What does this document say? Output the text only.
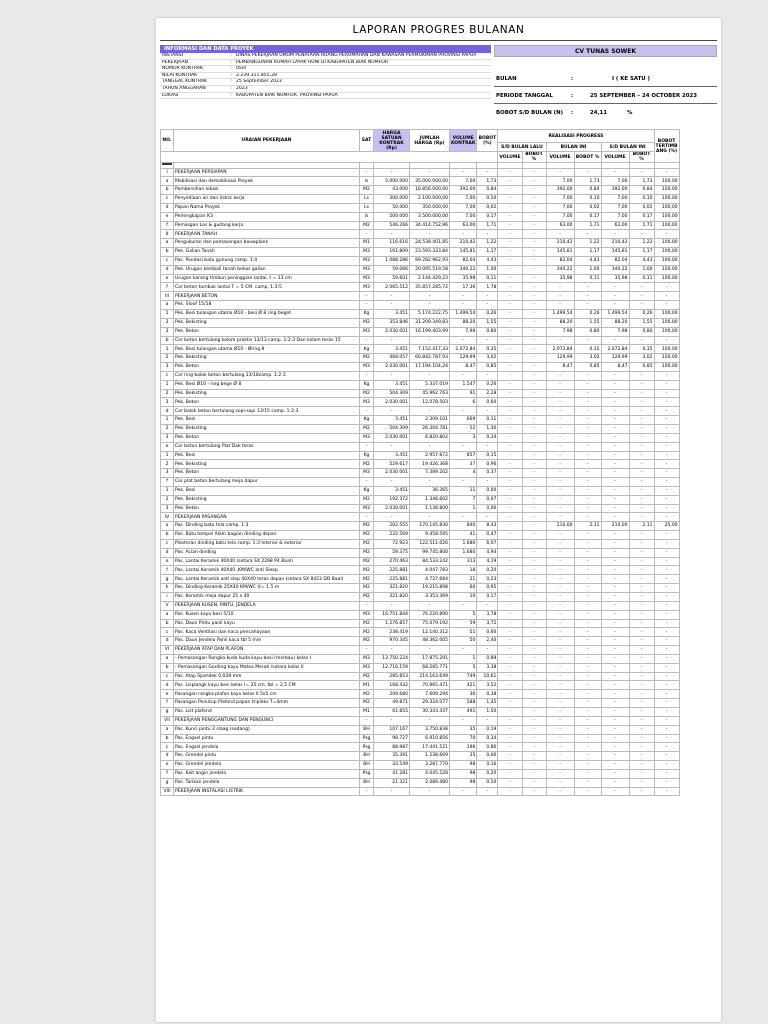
LAPORAN PROGRES BULANAN
INFORMASI DAN DATA PROYEK
INSTANSI	: DINAS PEKERJAAN UMUM PENATAAN RUANG PERUMAHAN DAN KAWASAN PERMUKIMAN PROVINSI PAPUA
PEKERJAAN	: PEMBANGUNAN RUMAH LAYAK HUNI DI KABUPATEN BIAK NUMFOR
NOMOR KONTRAK	: 050/
NILAI KONTRAK	: 2.239.311.855,28
TANGGAL KONTRAK	: 25 September 2023
TAHUN ANGGARAN	: 2023
LOKASI	: KABUPATEN BIAK NUMFOR, PROVINSI PAPUA
CV TUNAS SOWEK
BULAN	:	I ( KE SATU )
PERIODE TANGGAL	:	25 SEPTEMBER – 24 OCTOBER 2023
BOBOT S/D BULAN (N) :	24,11	%
NO.	URAIAN PEKERJAAN	SAT	HARGA SATUAN KONTRAK (Rp)	JUMLAH HARGA (Rp)	VOLUME KONTRAK	BOBOT (%)	REALISASI PROGRESS						BOBOT TERTIMB ANG (%)
							S/D BULAN LALU		BULAN INI		S/D BULAN INI		
							VOLUME	BOBOT %	VOLUME	BOBOT %	VOLUME	BOBOT %	

I	PEKERJAAN PERSIAPAN	-	-	-	-	-	-	-	-	-	-	-	-
a	Mobilisasi dan demobilisasi Proyek	ls	5.000.000	35.000.000,00	7,00	1,73	-	-	7,00	1,73	7,00	1,73	100,00
b	Pembersihan lokasi	M2	43.000	16.856.000,00	392,00	0,84	-	-	392,00	0,84	392,00	0,84	100,00
c	Penyediaan air dan listrik kerja	Ls	300.000	2.100.000,00	7,00	0,10	-	-	7,00	0,10	7,00	0,10	100,00
d	Papan Nama Proyek	Ls	50.000	350.000,00	7,00	0,02	-	-	7,00	0,02	7,00	0,02	100,00
e	Perlengkapan K3	ls	500.000	3.500.000,00	7,00	0,17	-	-	7,00	0,17	7,00	0,17	100,00
f	Pemasgan Los & gudang kerja	M2	546.266	34.414.752,96	63,00	1,71	-	-	63,00	1,71	63,00	1,71	100,00
II	PEKERJAAN TANAH	-	-	-	-	-	-	-	-	-	-	-	-
a	Pengukuran dan pemasangan bouwplank	M1	116.616	24.538.401,85	210,42	1,22	-	-	210,42	1,22	210,42	1,22	100,00
b	Pek. Galian Tanah	M3	161.809	23.593.333,84	145,81	1,17	-	-	145,81	1,17	145,81	1,17	100,00
c	Pas. Pondasi batu gunung camp. 1:4	M3	1.088.286	89.282.962,93	82,04	4,43	-	-	82,04	4,43	82,04	4,43	100,00
d	Pek. Urugan kembali tanah bekas galian	M3	59.066	20.095.519,58	340,22	1,00	-	-	340,22	1,00	340,22	1,00	100,00
e	Urugan karang timbun peninggian lantai, t = 13 cm	M3	59.601	2.144.429,23	35,98	0,11	-	-	35,98	0,11	35,98	0,11	100,00
f	Cor beton tumbuk lantai T = 5 CM. camp. 1:3:5	M3	2.065.512	35.857.285,72	17,36	1,78	-	-	-	-	-	-	-
III	PEKERJAAN BETON	-	-	-	-	-	-	-	-	-	-	-	-
a	Pek. Sloof 15/18	-	-	-	-	-	-	-	-	-	-	-	-
1	Pek. Besi tulangan utama Ø10 - besi Ø 8 ring beget	Kg	3.451	5.174.222,75	1.499,54	0,26	-	-	1.499,54	0,26	1.499,54	0,26	100,00
2	Pek. Bekisting	M2	353.846	31.209.349,83	88,20	1,55	-	-	88,20	1,55	88,20	1,55	100,00
3	Pek. Beton	M3	2.030.001	16.199.403,99	7,98	0,80	-	-	7,98	0,80	7,98	0,80	100,00
b	Cor beton bertulang kolom praktis 13/13 camp. 1:2:3 Dan kolom teras 15	-	-	-	-	-	-	-	-	-	-	-	-
1	Pek. Besi tulangan utama Ø10 - Øring 8	Kg	3.451	7.152.417,33	2.072,84	0,35	-	-	2.072,84	0,35	2.072,84	0,35	100,00
2	Pek. Bekisting	M2	468.057	60.842.787,93	129,99	3,02	-	-	129,99	3,02	129,99	3,02	100,00
3	Pek. Beton	M3	2.030.001	17.194.104,24	8,47	0,85	-	-	8,47	0,85	8,47	0,85	100,00
c	Cor ring balok beton bertulang 13/18camp. 1:2:3	-	-	-	-	-	-	-	-	-	-	-	-
1	Pek. Besi Ø10 - ring bege Ø 8	Kg	3.451	5.337.019	1.547	0,26	-	-	-	-	-	-	-
2	Pek. Bekisting	M2	504.309	45.962.763	91	2,28	-	-	-	-	-	-	-
3	Pek. Beton	M3	2.030.001	12.078.503	6	0,60	-	-	-	-	-	-	-
d	Cor balok beton bertulang sopi-sopi 13/15 camp. 1:2:3	-	-	-	-	-	-	-	-	-	-	-	-
1	Pek. Besi	Kg	3.451	2.309.101	669	0,11	-	-	-	-	-	-	-
2	Pek. Bekisting	M2	504.309	26.304.781	52	1,30	-	-	-	-	-	-	-
3	Pek. Beton	M3	2.030.001	6.820.802	3	0,34	-	-	-	-	-	-	-
e	Cor beton bertulang Plat Dak teras	-	-	-	-	-	-	-	-	-	-	-	-
1	Pek. Besi	Kg	3.451	2.957.872	857	0,15	-	-	-	-	-	-	-
2	Pek. Bekisting	M2	529.617	19.426.368	37	0,96	-	-	-	-	-	-	-
3	Pek. Beton	M3	2.030.001	7.389.202	4	0,37	-	-	-	-	-	-	-
f	Cor plat beton bertulang meja dapur	-	-	-	-	-	-	-	-	-	-	-	-
1	Pek. Besi	Kg	3.451	36.365	11	0,00	-	-	-	-	-	-	-
2	Pek. Bekisting	M2	192.372	1.346.602	7	0,07	-	-	-	-	-	-	-
3	Pek. Beton	M3	2.030.001	1.136.800	1	0,06	-	-	-	-	-	-	-
IV	PEKERJAAN PASANGAN	-	-	-	-	-	-	-	-	-	-	-	-
a	Pas. Dinding batu tela camp. 1:3	M2	202.555	170.145.830	840	8,43	-	-	210,00	2,11	210,00	2,11	25,00
b	Pas. Batu tempel Alam bagian dinding depan	M2	232.569	9.458.595	41	0,47	-	-	-	-	-	-	-
c	Plasteran dinding batu tela camp. 1:3 Interior & exterior	M2	72.923	122.511.026	1.680	6,07	-	-	-	-	-	-	-
d	Pas. Acian dinding	M2	59.375	99.745.800	1.680	4,94	-	-	-	-	-	-	-
e	Pas. Lantai Keramik 40X40 (setara SX 2298 P4 Baal)	M2	270.463	84.533.242	313	4,19	-	-	-	-	-	-	-
f	Pas. Lantai Keramik 40X40 ,KM/WC anti Sleep	M2	225.881	4.047.783	18	0,20	-	-	-	-	-	-	-
g	Pas. Lantai Keramik anti slep 40X40 teras depan (setara SX 8423 DD Baal)	M2	225.881	4.727.684	21	0,23	-	-	-	-	-	-	-
h	Pas. Dinding Keramik 25X40 KM/WC (t= 1.5 m	M2	321.820	19.215.898	60	0,95	-	-	-	-	-	-	-
i	Pas. Keramik meja dapur 25 x 40	M2	321.820	3.353.369	10	0,17	-	-	-	-	-	-	-
V	PEKERJAAN KUSEN, PINTU, JENDELA	-	-	-	-	-	-	-	-	-	-	-	-
a	Pas. Kusen kayu besi 5/10	M3	16.751.844	76.220.890	5	3,78	-	-	-	-	-	-	-
b	Pas. Daun Pintu panil kayu	M2	1.276.857	75.079.192	59	3,72	-	-	-	-	-	-	-
c	Pas. Kaca Ventilasi dan kaca pencahayaan	M2	238.419	12.140.312	51	0,60	-	-	-	-	-	-	-
d	Pas. Daun Jendela Panil kaca tbl 5 mm	M2	970.345	48.362.005	50	2,40	-	-	-	-	-	-	-
VI	PEKERJAAN ATAP DAN PLAFON	-	-	-	-	-	-	-	-	-	-	-	-
a	- Pemasangan Rangka kuda kuda kayu besi (merbau) kelas I	M3	13.750.224	17.875.291	1	0,89	-	-	-	-	-	-	-
b	- Pemasangan Gording kayu Matoa Merah /setara kelas II	M3	12.716.159	68.285.771	5	3,38	-	-	-	-	-	-	-
c	Pas. Atap Spandek 0,028 mm	M2	285.853	214.163.649	749	10,61	-	-	-	-	-	-	-
d	Pas. Lisplangk kayu besi kelas I= 25 cm, tbl = 2,5 CM	M1	168.432	70.965.471	421	3,52	-	-	-	-	-	-	-
e	Pasangan rangka plafon kayu kelas II 5x5 cm	M2	209.680	7.609.294	36	0,38	-	-	-	-	-	-	-
f	Pasangan Penutup Plafond papan tripleks T=4mm	M2	49.871	29.324.077	588	1,45	-	-	-	-	-	-	-
g	Pas. List plafond	M1	61.855	30.343.437	491	1,50	-	-	-	-	-	-	-
VII	PEKERJAAN PENGGANTUNG DAN PENGUNCI	-	-	-	-	-	-	-	-	-	-	-	-
a	Pas. Kunci pintu 2 slaag (sedang)	BH	107.167	3.750.838	35	0,19	-	-	-	-	-	-	-
b	Pas. Engsel pintu	Psg	98.727	6.910.856	70	0,34	-	-	-	-	-	-	-
c	Pas. Engsel jendela	Psg	88.987	17.441.521	196	0,86	-	-	-	-	-	-	-
d	Pas. Grendel pintu	BH	35.391	1.238.669	35	0,06	-	-	-	-	-	-	-
e	Pas. Grendel jendela	BH	33.549	3.287.770	98	0,16	-	-	-	-	-	-	-
f	Pas. Kait angin jendela	Psg	41.281	4.045.528	98	0,20	-	-	-	-	-	-	-
g	Pas. Tarikan jendela	BH	21.321	2.089.480	98	0,10	-	-	-	-	-	-	-
VIII	PEKERJAAN INSTALASI LISTRIK	-	-	-	-	-	-	-	-	-	-	-	-
